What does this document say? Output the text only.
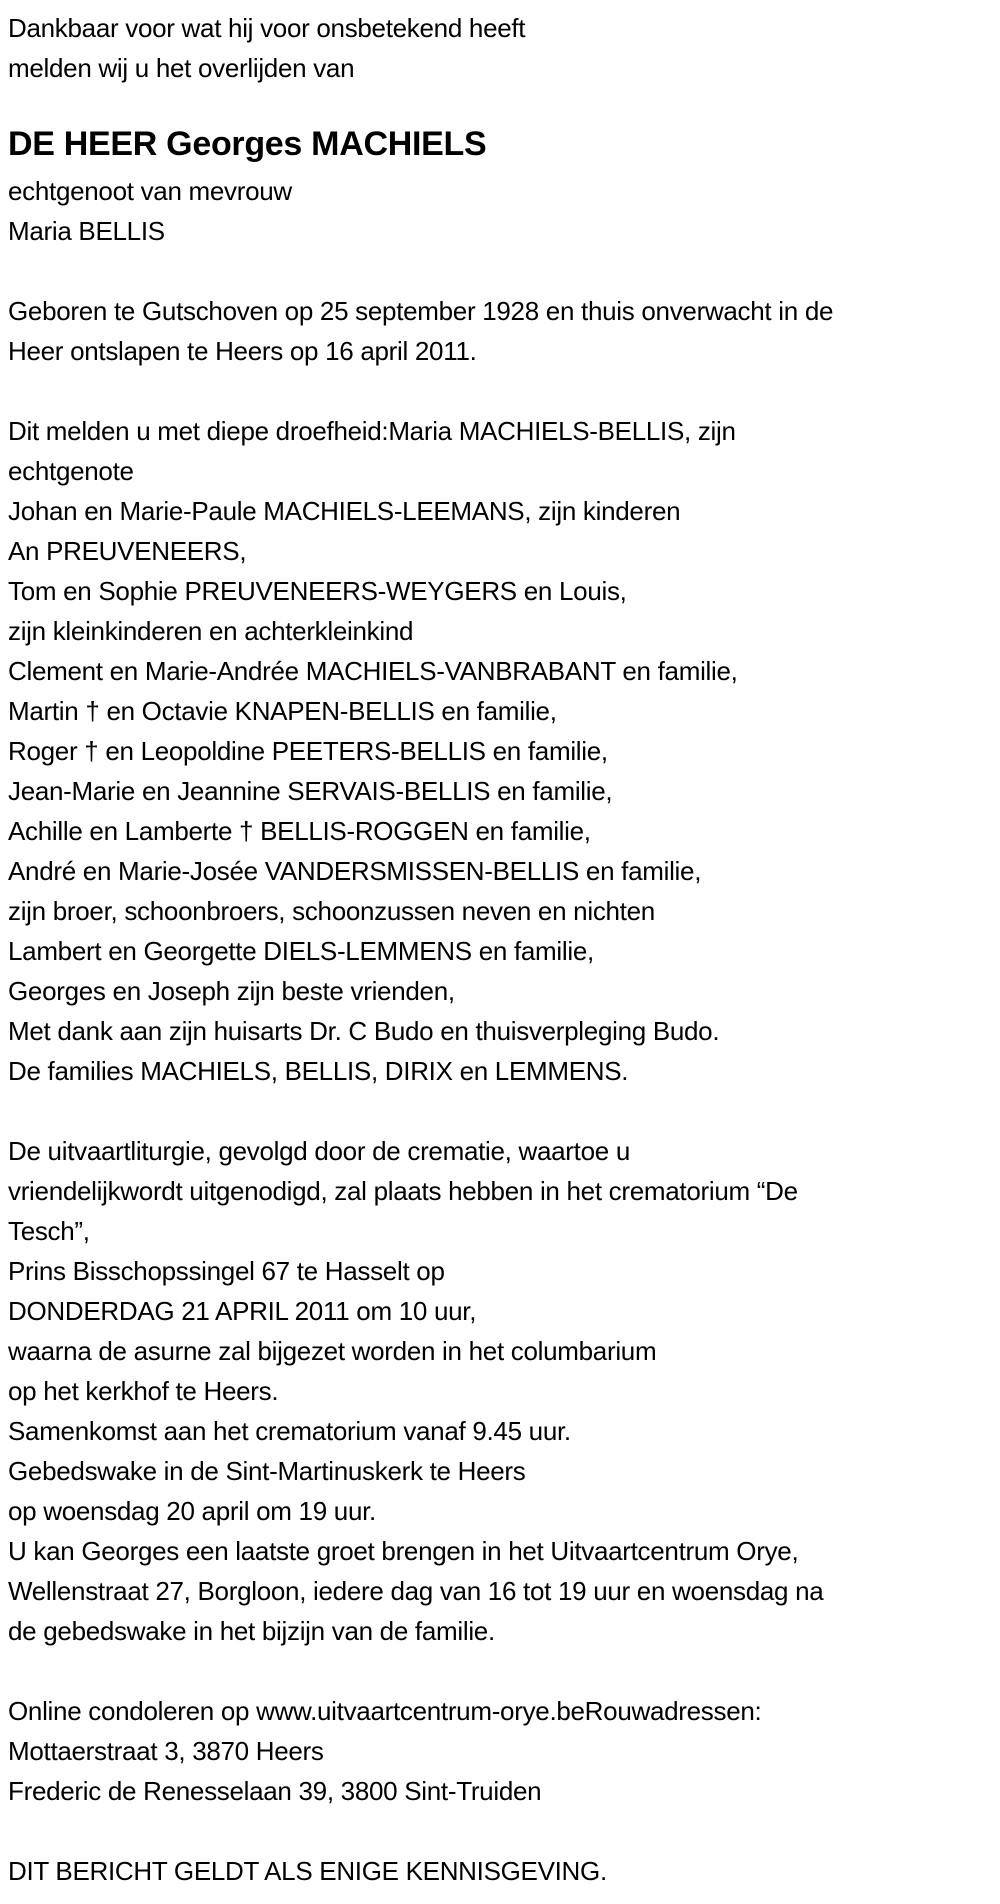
Dankbaar voor wat hij voor onsbetekend heeft
melden wij u het overlijden van

DE HEER Georges MACHIELS

echtgenoot van mevrouw
Maria BELLIS

Geboren te Gutschoven op 25 september 1928 en thuis onverwacht in de
Heer ontslapen te Heers op 16 april 2011.

Dit melden u met diepe droefheid:Maria MACHIELS-BELLIS, zijn
echtgenote
Johan en Marie-Paule MACHIELS-LEEMANS, zijn kinderen
An PREUVENEERS,
Tom en Sophie PREUVENEERS-WEYGERS en Louis,
zijn kleinkinderen en achterkleinkind
Clement en Marie-Andrée MACHIELS-VANBRABANT en familie,
Martin † en Octavie KNAPEN-BELLIS en familie,
Roger † en Leopoldine PEETERS-BELLIS en familie,
Jean-Marie en Jeannine SERVAIS-BELLIS en familie,
Achille en Lamberte † BELLIS-ROGGEN en familie,
André en Marie-Josée VANDERSMISSEN-BELLIS en familie,
zijn broer, schoonbroers, schoonzussen neven en nichten
Lambert en Georgette DIELS-LEMMENS en familie,
Georges en Joseph zijn beste vrienden,
Met dank aan zijn huisarts Dr. C Budo en thuisverpleging Budo.
De families MACHIELS, BELLIS, DIRIX en LEMMENS.

De uitvaartliturgie, gevolgd door de crematie, waartoe u
vriendelijkwordt uitgenodigd, zal plaats hebben in het crematorium “De
Tesch”,
Prins Bisschopssingel 67 te Hasselt op
DONDERDAG 21 APRIL 2011 om 10 uur,
waarna de asurne zal bijgezet worden in het columbarium
op het kerkhof te Heers.
Samenkomst aan het crematorium vanaf 9.45 uur.
Gebedswake in de Sint-Martinuskerk te Heers
op woensdag 20 april om 19 uur.
U kan Georges een laatste groet brengen in het Uitvaartcentrum Orye,
Wellenstraat 27, Borgloon, iedere dag van 16 tot 19 uur en woensdag na
de gebedswake in het bijzijn van de familie.

Online condoleren op www.uitvaartcentrum-orye.beRouwadressen:
Mottaerstraat 3, 3870 Heers
Frederic de Renesselaan 39, 3800 Sint-Truiden

DIT BERICHT GELDT ALS ENIGE KENNISGEVING.
